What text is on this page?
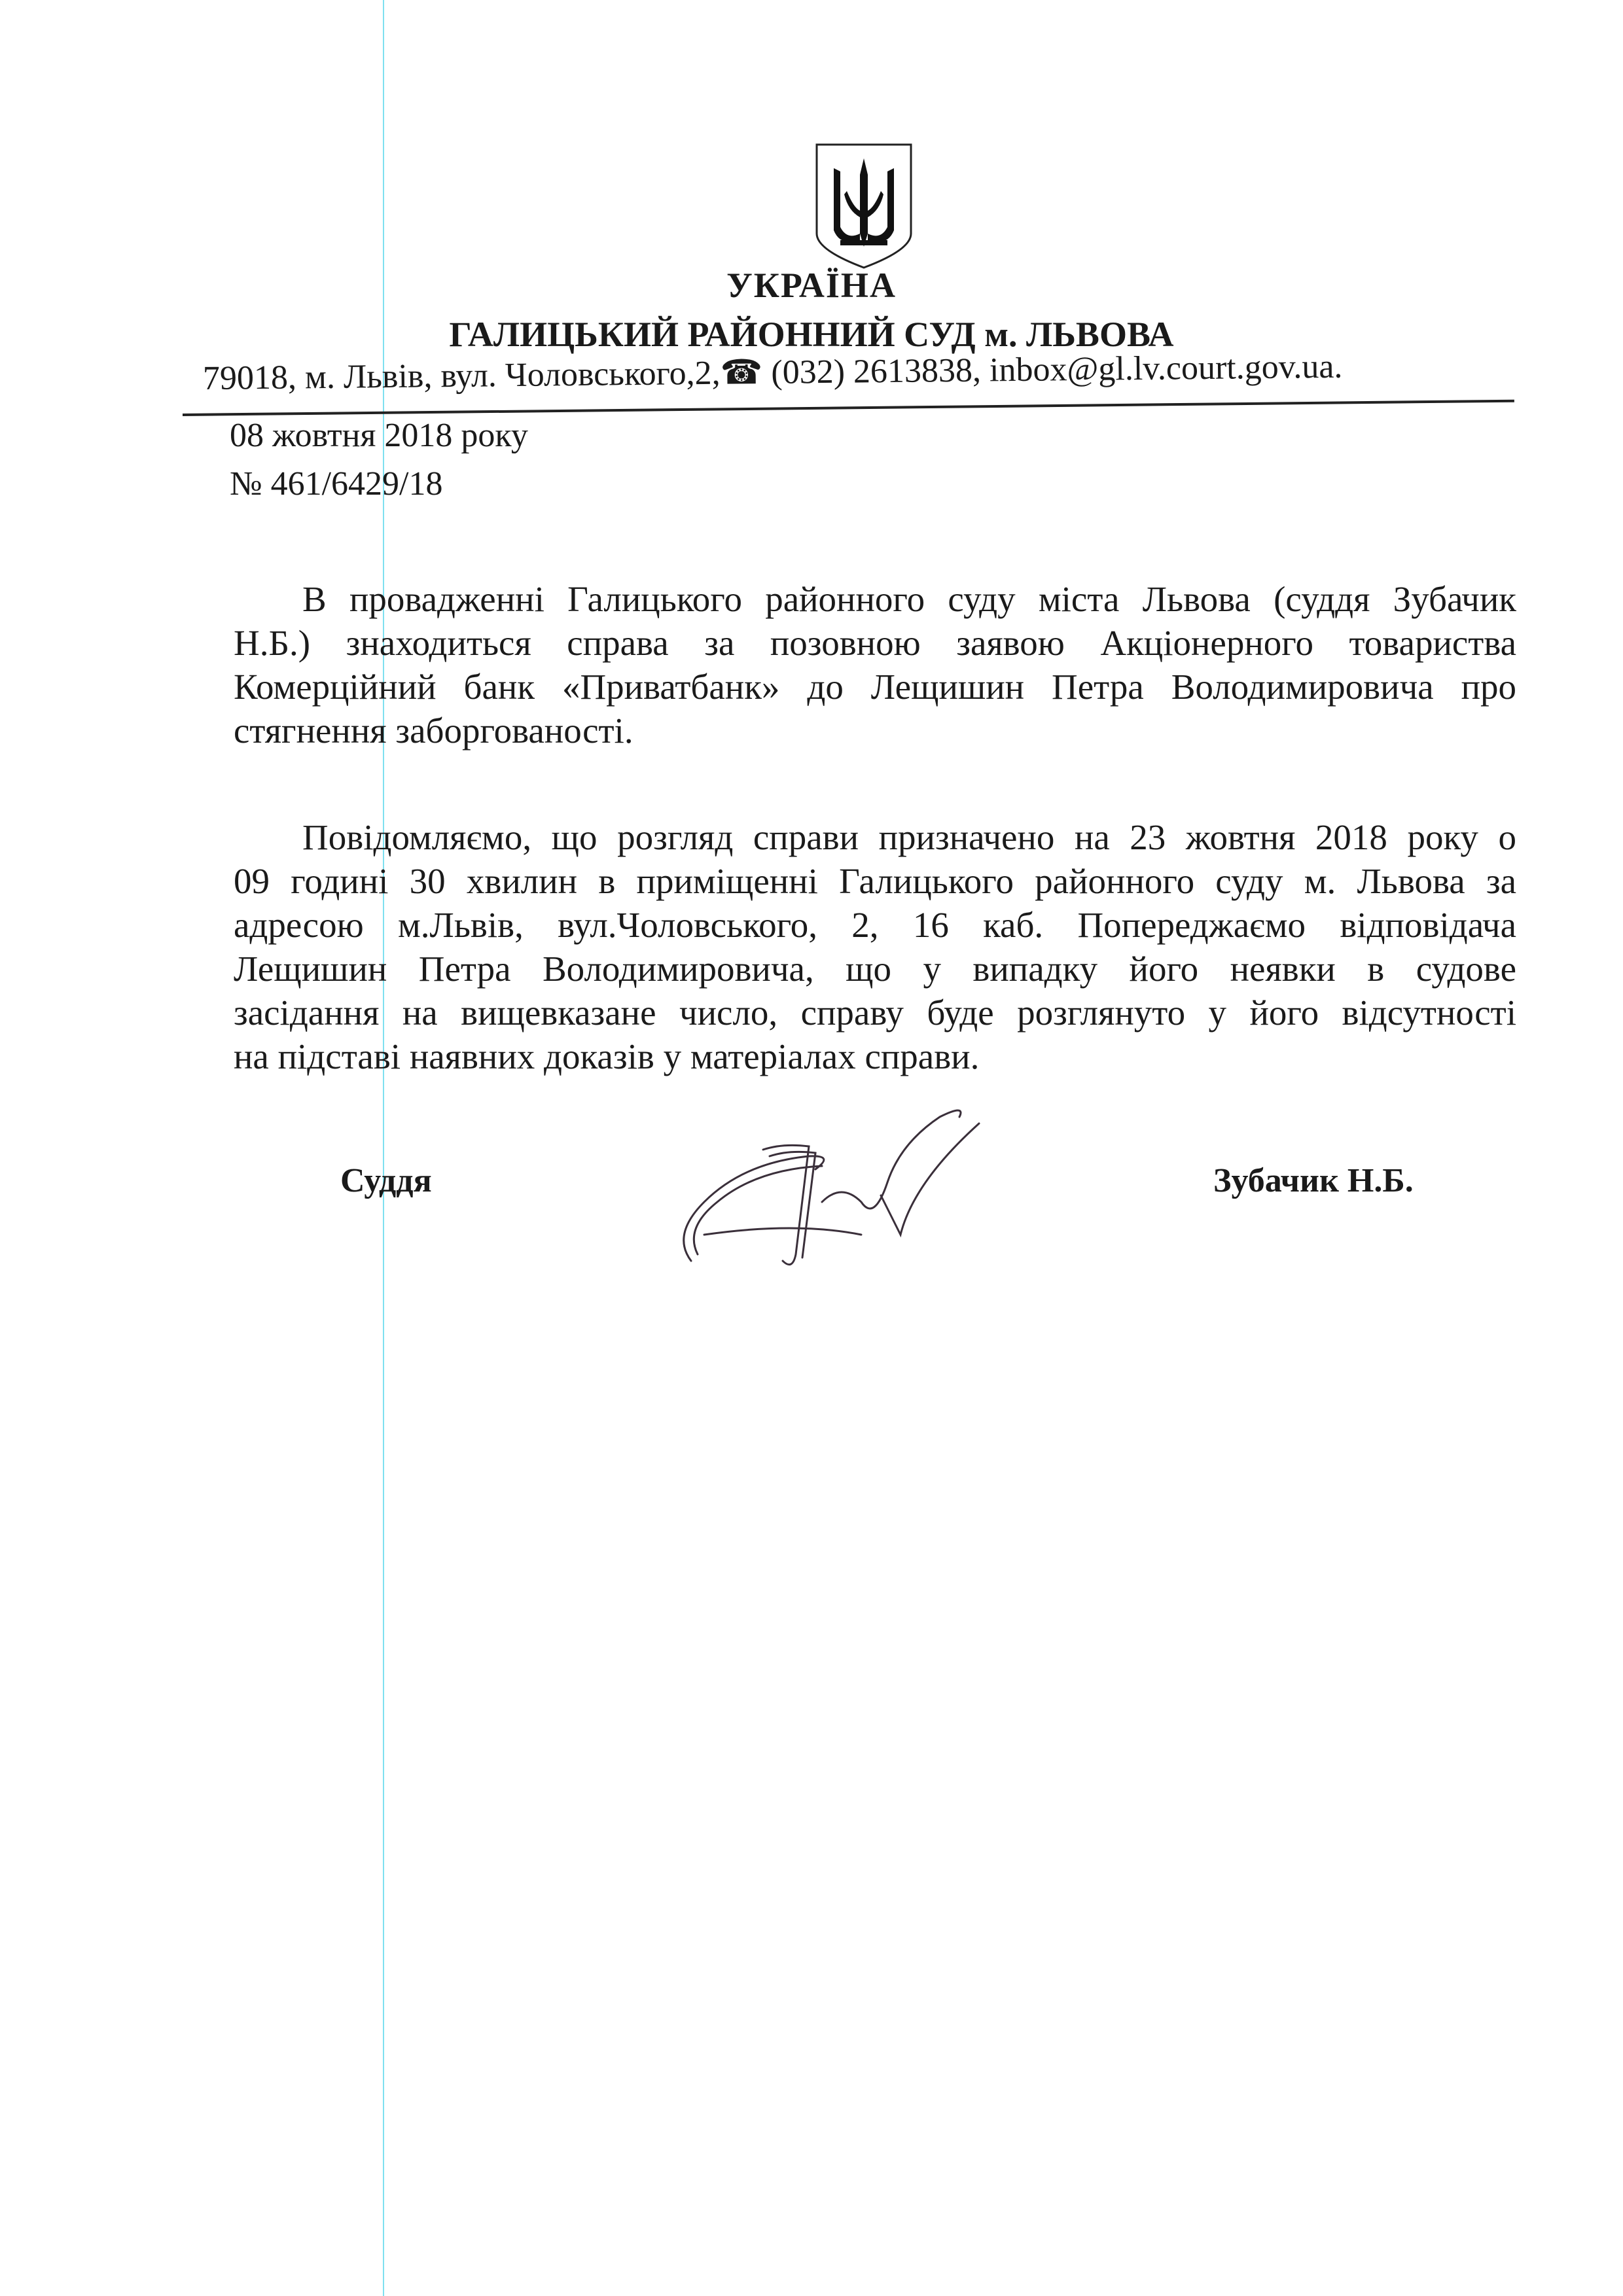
УКРАЇНА
ГАЛИЦЬКИЙ РАЙОННИЙ СУД м. ЛЬВОВА
79018, м. Львів, вул. Чоловського,2,☎ (032) 2613838, inbox@gl.lv.court.gov.ua.
08 жовтня 2018 року
№ 461/6429/18
В провадженні Галицького районного суду міста Львова (суддя Зубачик
Н.Б.) знаходиться справа за позовною заявою Акціонерного товариства
Комерційний банк «Приватбанк» до Лещишин Петра Володимировича про
стягнення заборгованості.
Повідомляємо, що розгляд справи призначено на 23 жовтня 2018 року о
09 годині 30 хвилин в приміщенні Галицького районного суду м. Львова за
адресою м.Львів, вул.Чоловського, 2, 16 каб. Попереджаємо відповідача
Лещишин Петра Володимировича, що у випадку його неявки в судове
засідання на вищевказане число, справу буде розглянуто у його відсутності
на підставі наявних доказів у матеріалах справи.
Суддя	Зубачик Н.Б.
